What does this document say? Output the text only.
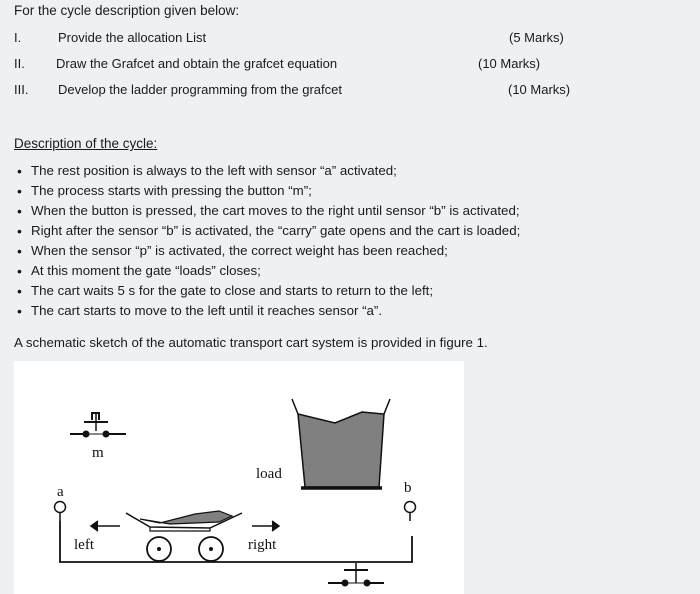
For the cycle description given below:
I.	Provide the allocation List	(5 Marks)
II. Draw the Grafcet and obtain the grafcet equation	(10 Marks)
III. Develop the ladder programming from the grafcet	(10 Marks)
Description of the cycle:
• The rest position is always to the left with sensor “a” activated;
• The process starts with pressing the button “m”;
• When the button is pressed, the cart moves to the right until sensor “b” is activated;
• Right after the sensor “b” is activated, the “carry” gate opens and the cart is loaded;
• When the sensor “p” is activated, the correct weight has been reached;
• At this moment the gate “loads” closes;
• The cart waits 5 s for the gate to close and starts to return to the left;
• The cart starts to move to the left until it reaches sensor “a”.
A schematic sketch of the automatic transport cart system is provided in figure 1.
m
load
a	b
left	right
